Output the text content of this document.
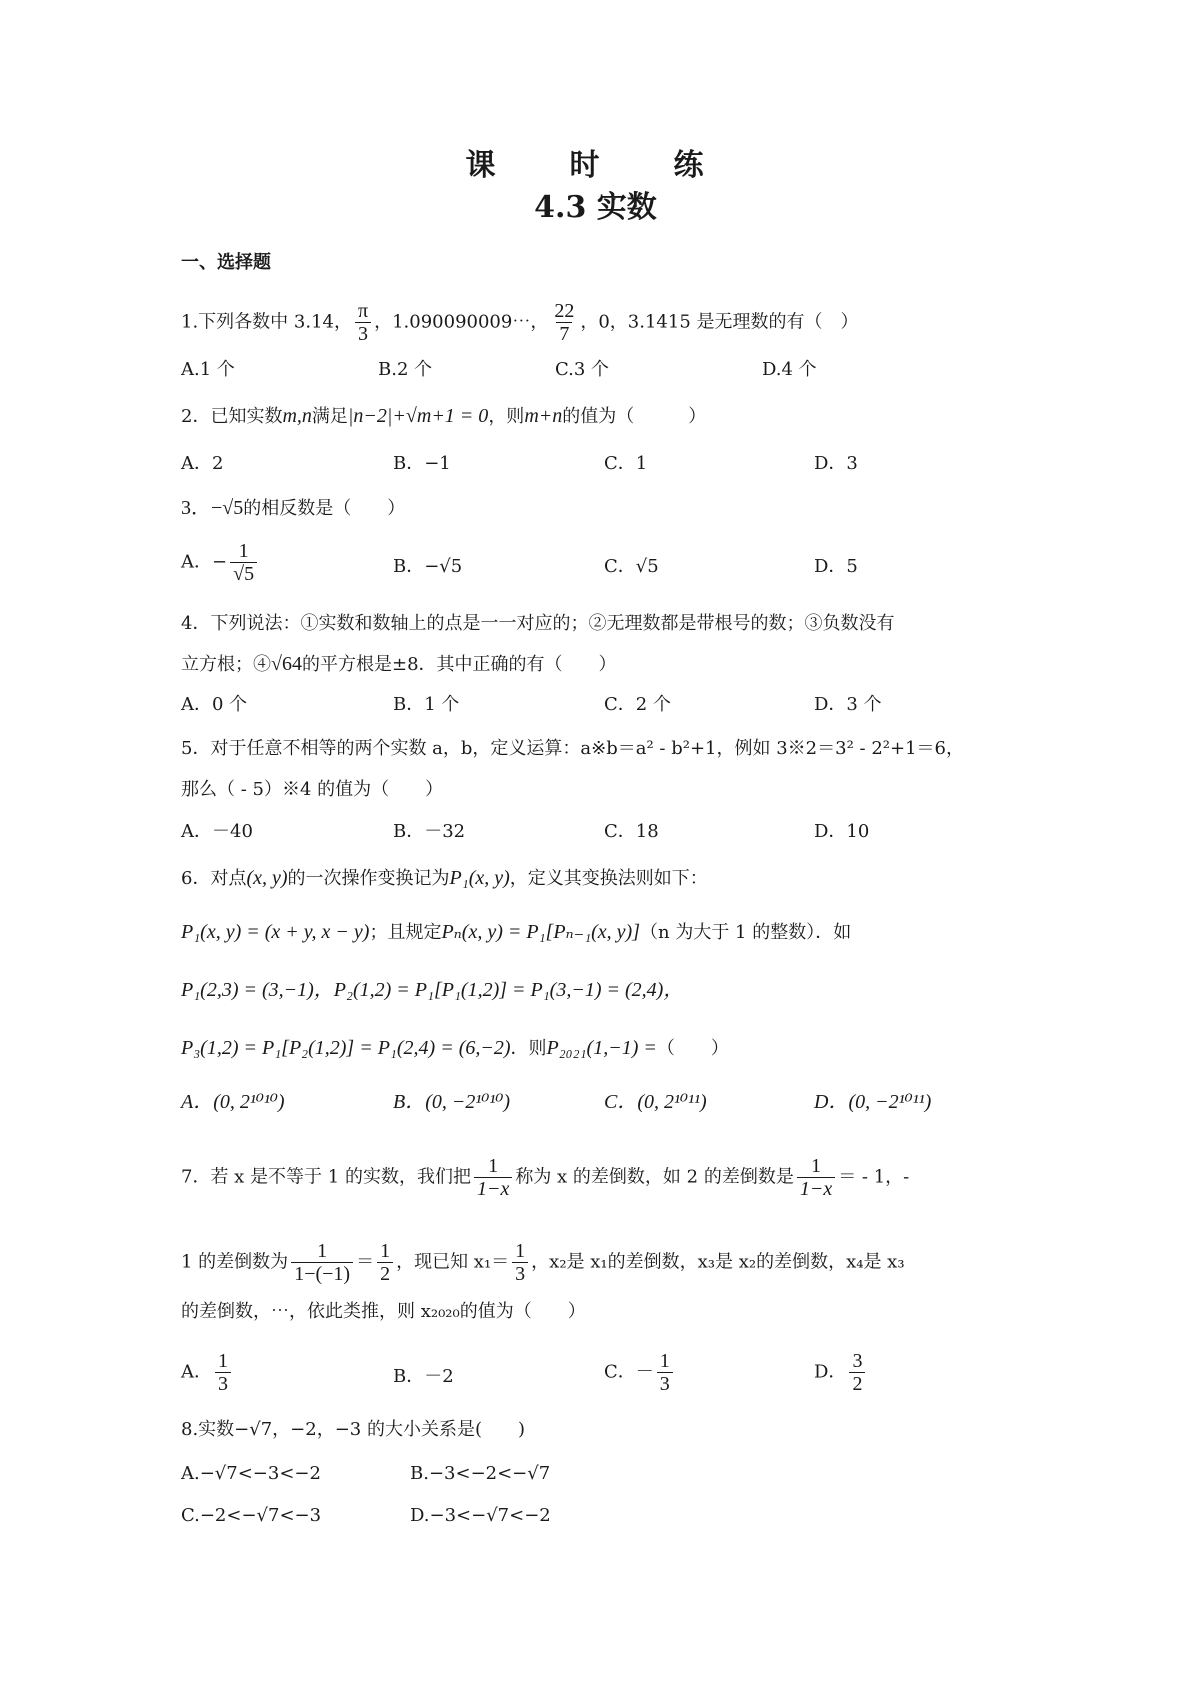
课　时　练
4.3 实数
一、选择题
1.下列各数中 3.14， $\frac{\pi}{3}$ ，1.090090009⋯， $\frac{22}{7}$ ，0，3.1415 是无理数的有（　）
A.1 个	B.2 个	C.3 个	D.4 个
2．已知实数m,n满足|n−2|+√m+1 = 0，则m+n的值为（　　　）
A．2	B．−1	C．1	D．3
3．−√5的相反数是（　　）
A．− $\frac{1}{√5}$	B．−√5	C．√5	D．5
4．下列说法：①实数和数轴上的点是一一对应的；②无理数都是带根号的数；③负数没有
立方根；④√64的平方根是±8．其中正确的有（　　）
A．0 个	B．1 个	C．2 个	D．3 个
5．对于任意不相等的两个实数 a，b，定义运算：a※b＝a² - b²+1，例如 3※2＝3² - 2²+1＝6，
那么（ - 5）※4 的值为（　　）
A．－40	B．－32	C．18	D．10
6．对点(x, y)的一次操作变换记为P₁(x, y)，定义其变换法则如下：
P₁(x, y) = (x + y, x − y)；且规定Pₙ(x, y) = P₁[Pₙ₋₁(x, y)]（n 为大于 1 的整数）．如
P₁(2,3) = (3,−1)，P₂(1,2) = P₁[P₁(1,2)] = P₁(3,−1) = (2,4)，
P₃(1,2) = P₁[P₂(1,2)] = P₁(2,4) = (6,−2)．则P₂₀₂₁(1,−1) =（　　）
A．(0, 2¹⁰¹⁰)	B．(0, −2¹⁰¹⁰)	C．(0, 2¹⁰¹¹)	D．(0, −2¹⁰¹¹)
7．若 x 是不等于 1 的实数，我们把 $\frac{1}{1-x}$ 称为 x 的差倒数，如 2 的差倒数是 $\frac{1}{1-x}$ ＝ - 1，-
1 的差倒数为 $\frac{1}{1-(-1)} = \frac{1}{2}$ ，现已知 $x_1= \frac{1}{3}$ ，x₂是 x₁的差倒数，x₃是 x₂的差倒数，x₄是 x₃
的差倒数，⋯，依此类推，则 x₂₀₂₀的值为（　　）
A． $\frac{1}{3}$	B．－2	C．－ $\frac{1}{3}$	D． $\frac{3}{2}$
8.实数−√7，−2，−3 的大小关系是(　　)
A.−√7<−3<−2	B.−3<−2<−√7
C.−2<−√7<−3	D.−3<−√7<−2
